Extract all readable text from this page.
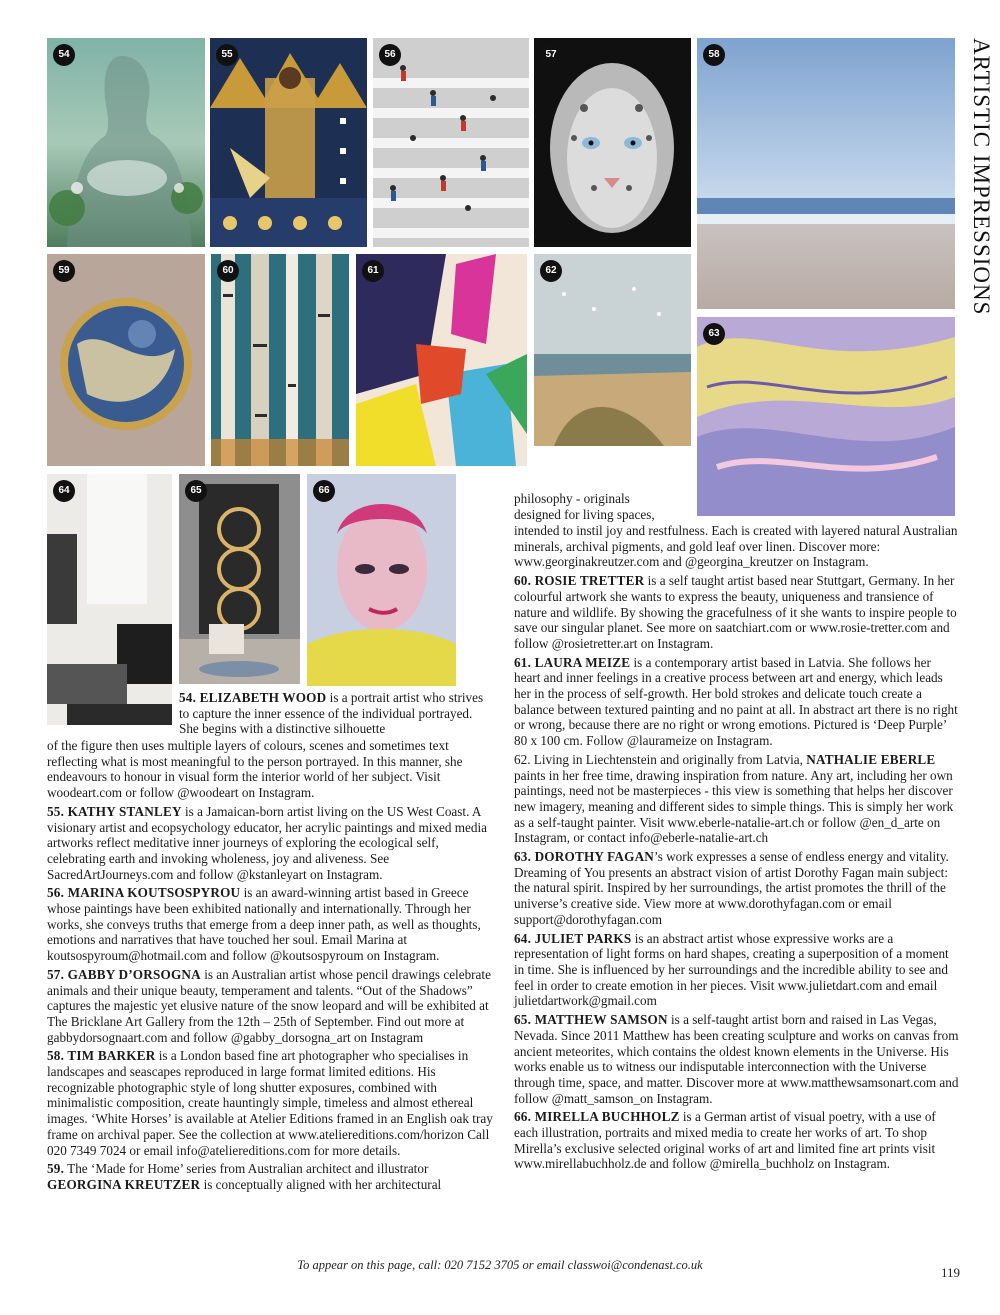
ARTISTIC IMPRESSIONS
54	55	56	57	58
59	60	61	62
63
64	65	66
54. ELIZABETH WOOD is a portrait artist who strives to capture the inner essence of the individual portrayed. She begins with a distinctive silhouette

of the figure then uses multiple layers of colours, scenes and sometimes text reflecting what is most meaningful to the person portrayed. In this manner, she endeavours to honour in visual form the interior world of her subject. Visit woodeart.com or follow @woodeart on Instagram.

55. KATHY STANLEY is a Jamaican-born artist living on the US West Coast. A visionary artist and ecopsychology educator, her acrylic paintings and mixed media artworks reflect meditative inner journeys of exploring the ecological self, celebrating earth and invoking wholeness, joy and aliveness. See SacredArtJourneys.com and follow @kstanleyart on Instagram.

56. MARINA KOUTSOSPYROU is an award-winning artist based in Greece whose paintings have been exhibited nationally and internationally. Through her works, she conveys truths that emerge from a deep inner path, as well as thoughts, emotions and narratives that have touched her soul. Email Marina at koutsospyroum@hotmail.com and follow @koutsospyroum on Instagram.

57. GABBY D’ORSOGNA is an Australian artist whose pencil drawings celebrate animals and their unique beauty, temperament and talents. “Out of the Shadows” captures the majestic yet elusive nature of the snow leopard and will be exhibited at The Bricklane Art Gallery from the 12th – 25th of September. Find out more at gabbydorsognaart.com and follow @gabby_dorsogna_art on Instagram

58. TIM BARKER is a London based fine art photographer who specialises in landscapes and seascapes reproduced in large format limited editions. His recognizable photographic style of long shutter exposures, combined with minimalistic composition, create hauntingly simple, timeless and almost ethereal images. ‘White Horses’ is available at Atelier Editions framed in an English oak tray frame on archival paper. See the collection at www.ateliereditions.com/horizon Call 020 7349 7024 or email info@ateliereditions.com for more details.

59. The ‘Made for Home’ series from Australian architect and illustrator GEORGINA KREUTZER is conceptually aligned with her architectural

philosophy - originals
designed for living spaces,

intended to instil joy and restfulness. Each is created with layered natural Australian minerals, archival pigments, and gold leaf over linen. Discover more: www.georginakreutzer.com and @georgina_kreutzer on Instagram.

60. ROSIE TRETTER is a self taught artist based near Stuttgart, Germany. In her colourful artwork she wants to express the beauty, uniqueness and transience of nature and wildlife. By showing the gracefulness of it she wants to inspire people to save our singular planet. See more on saatchiart.com or www.rosie-tretter.com and follow @rosietretter.art on Instagram.

61. LAURA MEIZE is a contemporary artist based in Latvia. She follows her heart and inner feelings in a creative process between art and energy, which leads her in the process of self-growth. Her bold strokes and delicate touch create a balance between textured painting and no paint at all. In abstract art there is no right or wrong, because there are no right or wrong emotions. Pictured is ‘Deep Purple’ 80 x 100 cm. Follow @laurameize on Instagram.

62. Living in Liechtenstein and originally from Latvia, NATHALIE EBERLE paints in her free time, drawing inspiration from nature. Any art, including her own paintings, need not be masterpieces - this view is something that helps her discover new imagery, meaning and different sides to simple things. This is simply her work as a self-taught painter. Visit www.eberle-natalie-art.ch or follow @en_d_arte on Instagram, or contact info@eberle-natalie-art.ch

63. DOROTHY FAGAN’s work expresses a sense of endless energy and vitality. Dreaming of You presents an abstract vision of artist Dorothy Fagan main subject: the natural spirit. Inspired by her surroundings, the artist promotes the thrill of the universe’s creative side. View more at www.dorothyfagan.com or email support@dorothyfagan.com

64. JULIET PARKS is an abstract artist whose expressive works are a representation of light forms on hard shapes, creating a superposition of a moment in time. She is influenced by her surroundings and the incredible ability to see and feel in order to create emotion in her pieces. Visit www.julietdart.com and email julietdartwork@gmail.com

65. MATTHEW SAMSON is a self-taught artist born and raised in Las Vegas, Nevada. Since 2011 Matthew has been creating sculpture and works on canvas from ancient meteorites, which contains the oldest known elements in the Universe. His works enable us to witness our indisputable interconnection with the Universe through time, space, and matter. Discover more at www.matthewsamsonart.com and follow @matt_samson_on Instagram.

66. MIRELLA BUCHHOLZ is a German artist of visual poetry, with a use of each illustration, portraits and mixed media to create her works of art. To shop Mirella’s exclusive selected original works of art and limited fine art prints visit www.mirellabuchholz.de and follow @mirella_buchholz on Instagram.

To appear on this page, call: 020 7152 3705 or email classwoi@condenast.co.uk	119
